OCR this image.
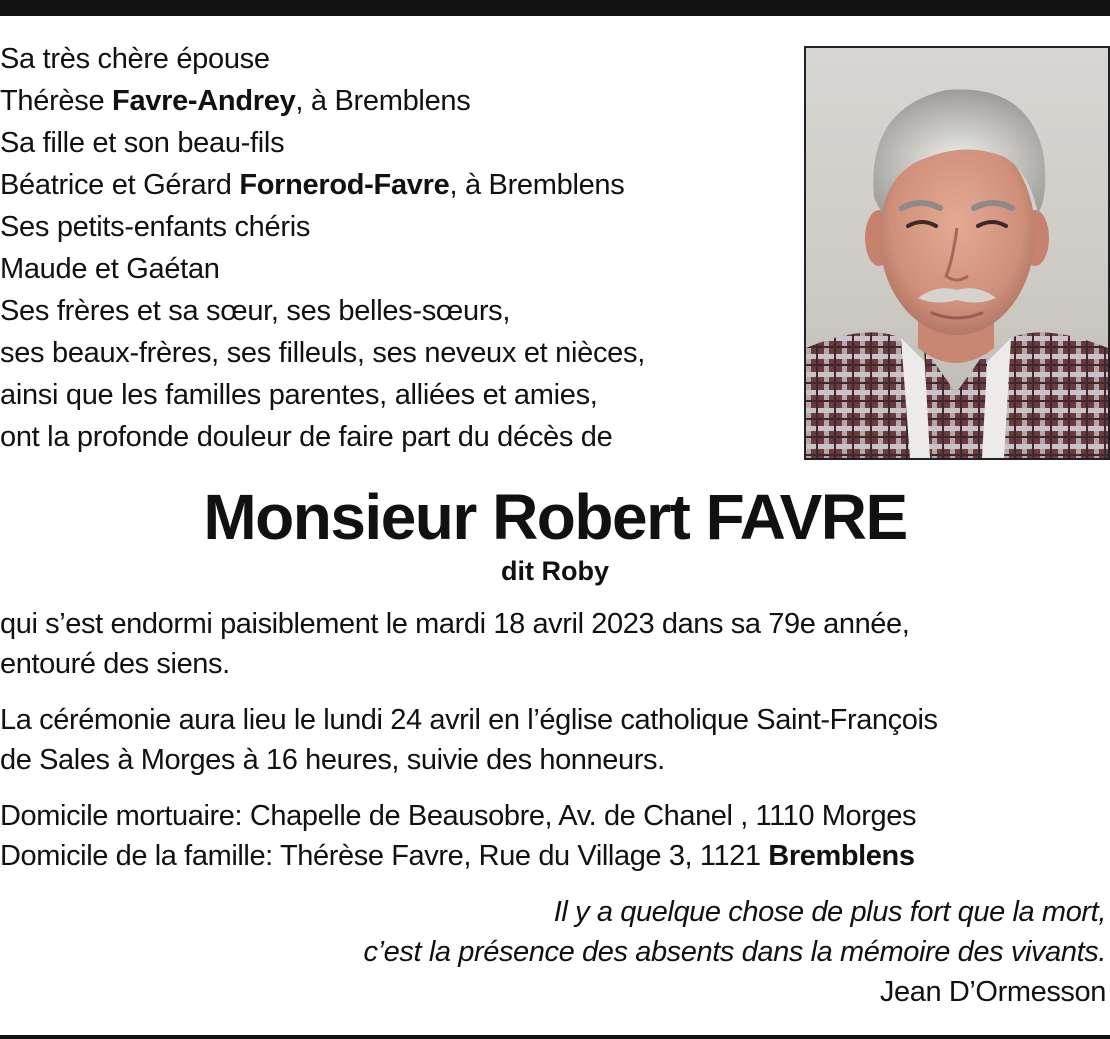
Sa très chère épouse
Thérèse Favre-Andrey, à Bremblens
Sa fille et son beau-fils
Béatrice et Gérard Fornerod-Favre, à Bremblens
Ses petits-enfants chéris
Maude et Gaétan
Ses frères et sa sœur, ses belles-sœurs,
ses beaux-frères, ses filleuls, ses neveux et nièces,
ainsi que les familles parentes, alliées et amies,
ont la profonde douleur de faire part du décès de
Monsieur Robert FAVRE
dit Roby
qui s’est endormi paisiblement le mardi 18 avril 2023 dans sa 79e année,
entouré des siens.
La cérémonie aura lieu le lundi 24 avril en l’église catholique Saint-François
de Sales à Morges à 16 heures, suivie des honneurs.
Domicile mortuaire: Chapelle de Beausobre, Av. de Chanel , 1110 Morges
Domicile de la famille: Thérèse Favre, Rue du Village 3, 1121 Bremblens
Il y a quelque chose de plus fort que la mort,
c’est la présence des absents dans la mémoire des vivants.
Jean D’Ormesson
